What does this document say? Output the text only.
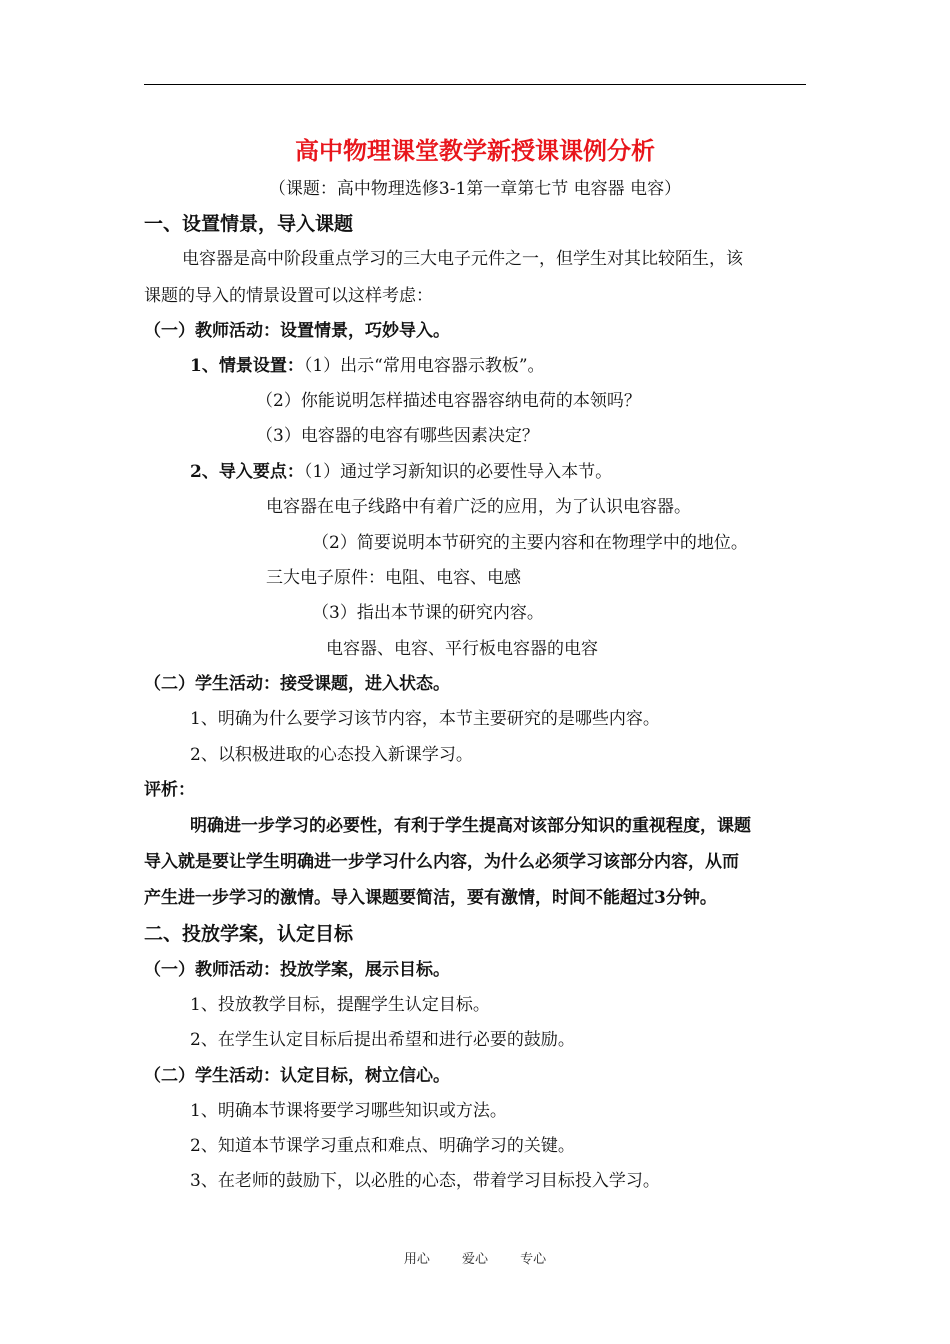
高中物理课堂教学新授课课例分析
（课题：高中物理选修3-1第一章第七节 电容器 电容）
一、设置情景，导入课题
电容器是高中阶段重点学习的三大电子元件之一，但学生对其比较陌生，该
课题的导入的情景设置可以这样考虑：
（一）教师活动：设置情景，巧妙导入。
1、情景设置：（1）出示“常用电容器示教板”。
（2）你能说明怎样描述电容器容纳电荷的本领吗？
（3）电容器的电容有哪些因素决定？
2、导入要点：（1）通过学习新知识的必要性导入本节。
电容器在电子线路中有着广泛的应用，为了认识电容器。
（2）简要说明本节研究的主要内容和在物理学中的地位。
三大电子原件：电阻、电容、电感
（3）指出本节课的研究内容。
电容器、电容、平行板电容器的电容
（二）学生活动：接受课题，进入状态。
1、明确为什么要学习该节内容，本节主要研究的是哪些内容。
2、以积极进取的心态投入新课学习。
评析：
明确进一步学习的必要性，有利于学生提高对该部分知识的重视程度，课题
导入就是要让学生明确进一步学习什么内容，为什么必须学习该部分内容，从而
产生进一步学习的激情。导入课题要简洁，要有激情，时间不能超过3分钟。
二、投放学案，认定目标
（一）教师活动：投放学案，展示目标。
1、投放教学目标，提醒学生认定目标。
2、在学生认定目标后提出希望和进行必要的鼓励。
（二）学生活动：认定目标，树立信心。
1、明确本节课将要学习哪些知识或方法。
2、知道本节课学习重点和难点、明确学习的关键。
3、在老师的鼓励下，以必胜的心态，带着学习目标投入学习。
用心 爱心 专心
